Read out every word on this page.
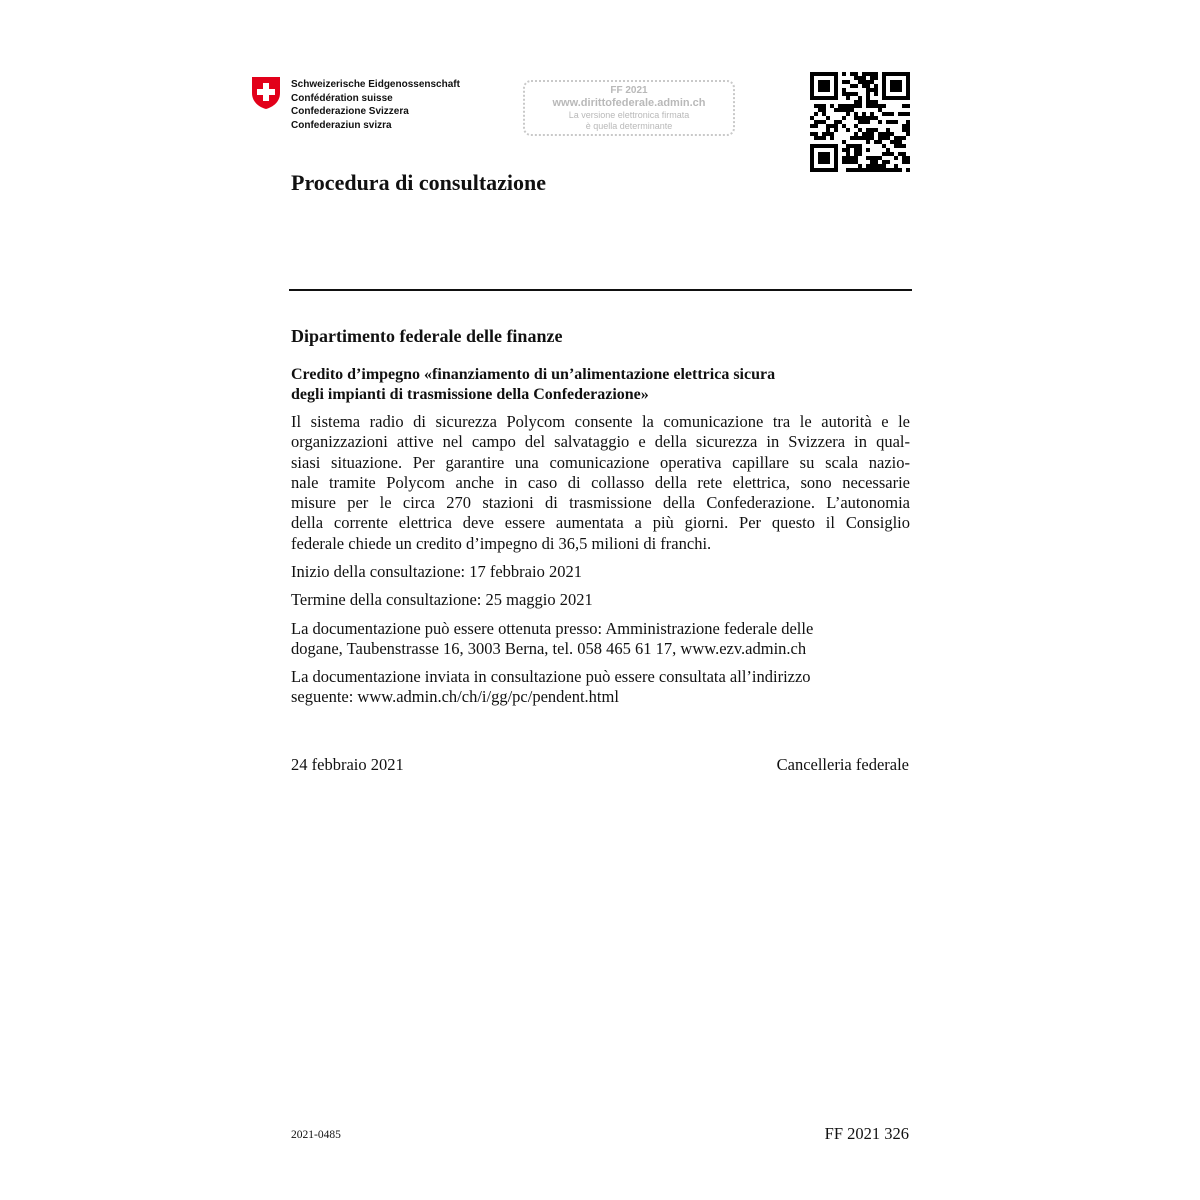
Schweizerische Eidgenossenschaft
Confédération suisse
Confederazione Svizzera
Confederaziun svizra
FF 2021
www.dirittofederale.admin.ch
La versione elettronica firmata
è quella determinante
Procedura di consultazione
Dipartimento federale delle finanze
Credito d’impegno «finanziamento di un’alimentazione elettrica sicura
degli impianti di trasmissione della Confederazione»
Il sistema radio di sicurezza Polycom consente la comunicazione tra le autorità e le
organizzazioni attive nel campo del salvataggio e della sicurezza in Svizzera in qual-
siasi situazione. Per garantire una comunicazione operativa capillare su scala nazio-
nale tramite Polycom anche in caso di collasso della rete elettrica, sono necessarie
misure per le circa 270 stazioni di trasmissione della Confederazione. L’autonomia
della corrente elettrica deve essere aumentata a più giorni. Per questo il Consiglio
federale chiede un credito d’impegno di 36,5 milioni di franchi.
Inizio della consultazione: 17 febbraio 2021
Termine della consultazione: 25 maggio 2021
La documentazione può essere ottenuta presso: Amministrazione federale delle
dogane, Taubenstrasse 16, 3003 Berna, tel. 058 465 61 17, www.ezv.admin.ch
La documentazione inviata in consultazione può essere consultata all’indirizzo
seguente: www.admin.ch/ch/i/gg/pc/pendent.html
24 febbraio 2021	Cancelleria federale
2021-0485	FF 2021 326
